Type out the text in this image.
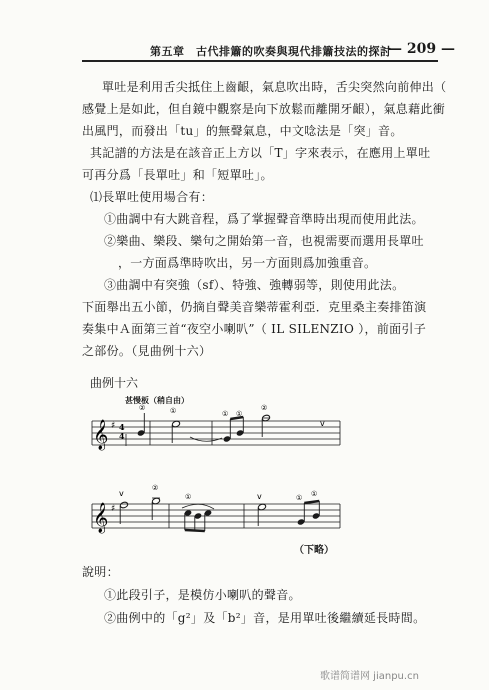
第五章　古代排簫的吹奏與現代排簫技法的探討
— 209 —
單吐是利用舌尖抵住上齒齦，氣息吹出時，舌尖突然向前伸出（
感覺上是如此，但自鏡中觀察是向下放鬆而離開牙齦），氣息藉此衝
出風門，而發出「tu」的無聲氣息，中文唸法是「突」音。
其記譜的方法是在該音正上方以「T」字來表示，在應用上單吐
可再分爲「長單吐」和「短單吐」。
⑴長單吐使用場合有：
①曲調中有大跳音程，爲了掌握聲音準時出現而使用此法。
②樂曲、樂段、樂句之開始第一音，也視需要而選用長單吐
，一方面爲準時吹出，另一方面則爲加強重音。
③曲調中有突強（sf）、特強、強轉弱等，則使用此法。
下面舉出五小節，仍摘自聲美音樂蒂霍利亞．克里桑主奏排笛演
奏集中Ａ面第三首“夜空小喇叭”（ IL SILENZIO ），前面引子
之部份。（見曲例十六）
曲例十六
甚慢板（稍自由）
𝄞 ♯ 4
4
②	①	① ①
②
v
𝄞 ♯
v
②
①	v	① ①
（下略）
說明：
①此段引子，是模仿小喇叭的聲音。
②曲例中的「g²」及「b²」音，是用單吐後繼續延長時間。
歌谱简谱网 jianpu.cn
